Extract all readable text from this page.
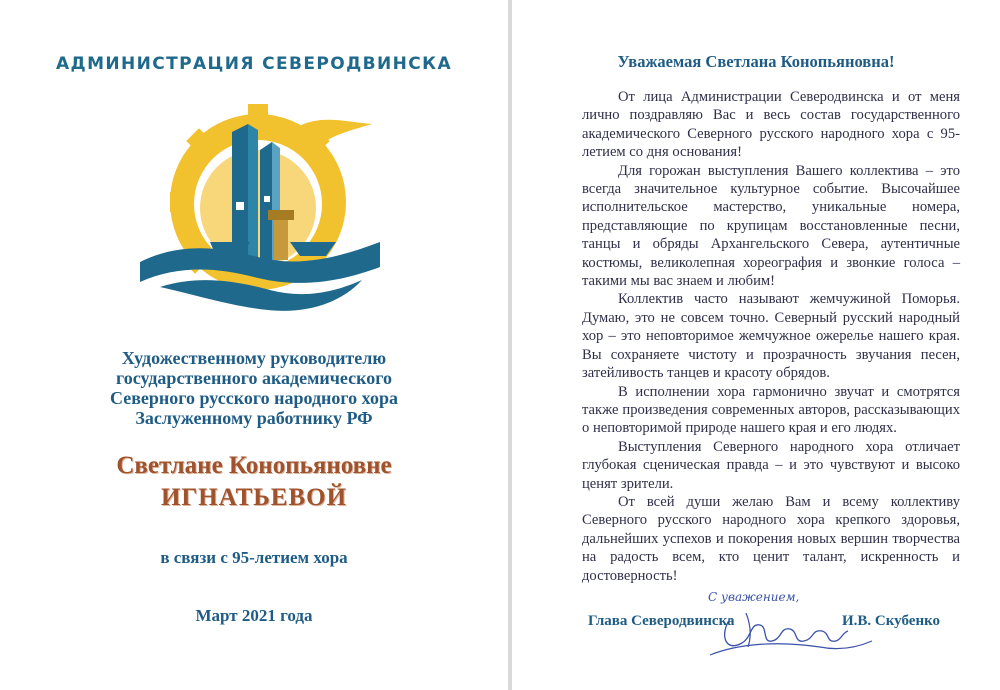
АДМИНИСТРАЦИЯ СЕВЕРОДВИНСКА
Художественному руководителю
государственного академического
Северного русского народного хора
Заслуженному работнику РФ
Светлане Конопьяновне
ИГНАТЬЕВОЙ
в связи с 95-летием хора
Март 2021 года
Уважаемая Светлана Конопьяновна!

От лица Администрации Северодвинска и от меня лично поздравляю Вас и весь состав государственного академического Северного русского народного хора с 95-летием со дня основания!

Для горожан выступления Вашего коллектива – это всегда значительное культурное событие. Высочайшее исполнительское мастерство, уникальные номера, представляющие по крупицам восстановленные песни, танцы и обряды Архангельского Севера, аутентичные костюмы, великолепная хореография и звонкие голоса – такими мы вас знаем и любим!

Коллектив часто называют жемчужиной Поморья. Думаю, это не совсем точно. Северный русский народный хор – это неповторимое жемчужное ожерелье нашего края. Вы сохраняете чистоту и прозрачность звучания песен, затейливость танцев и красоту обрядов.

В исполнении хора гармонично звучат и смотрятся также произведения современных авторов, рассказывающих о неповторимой природе нашего края и его людях.

Выступления Северного народного хора отличает глубокая сценическая правда – и это чувствуют и высоко ценят зрители.

От всей души желаю Вам и всему коллективу Северного русского народного хора крепкого здоровья, дальнейших успехов и покорения новых вершин творчества на радость всем, кто ценит талант, искренность и достоверность!

С уважением,
Глава Северодвинска	И.В. Скубенко
